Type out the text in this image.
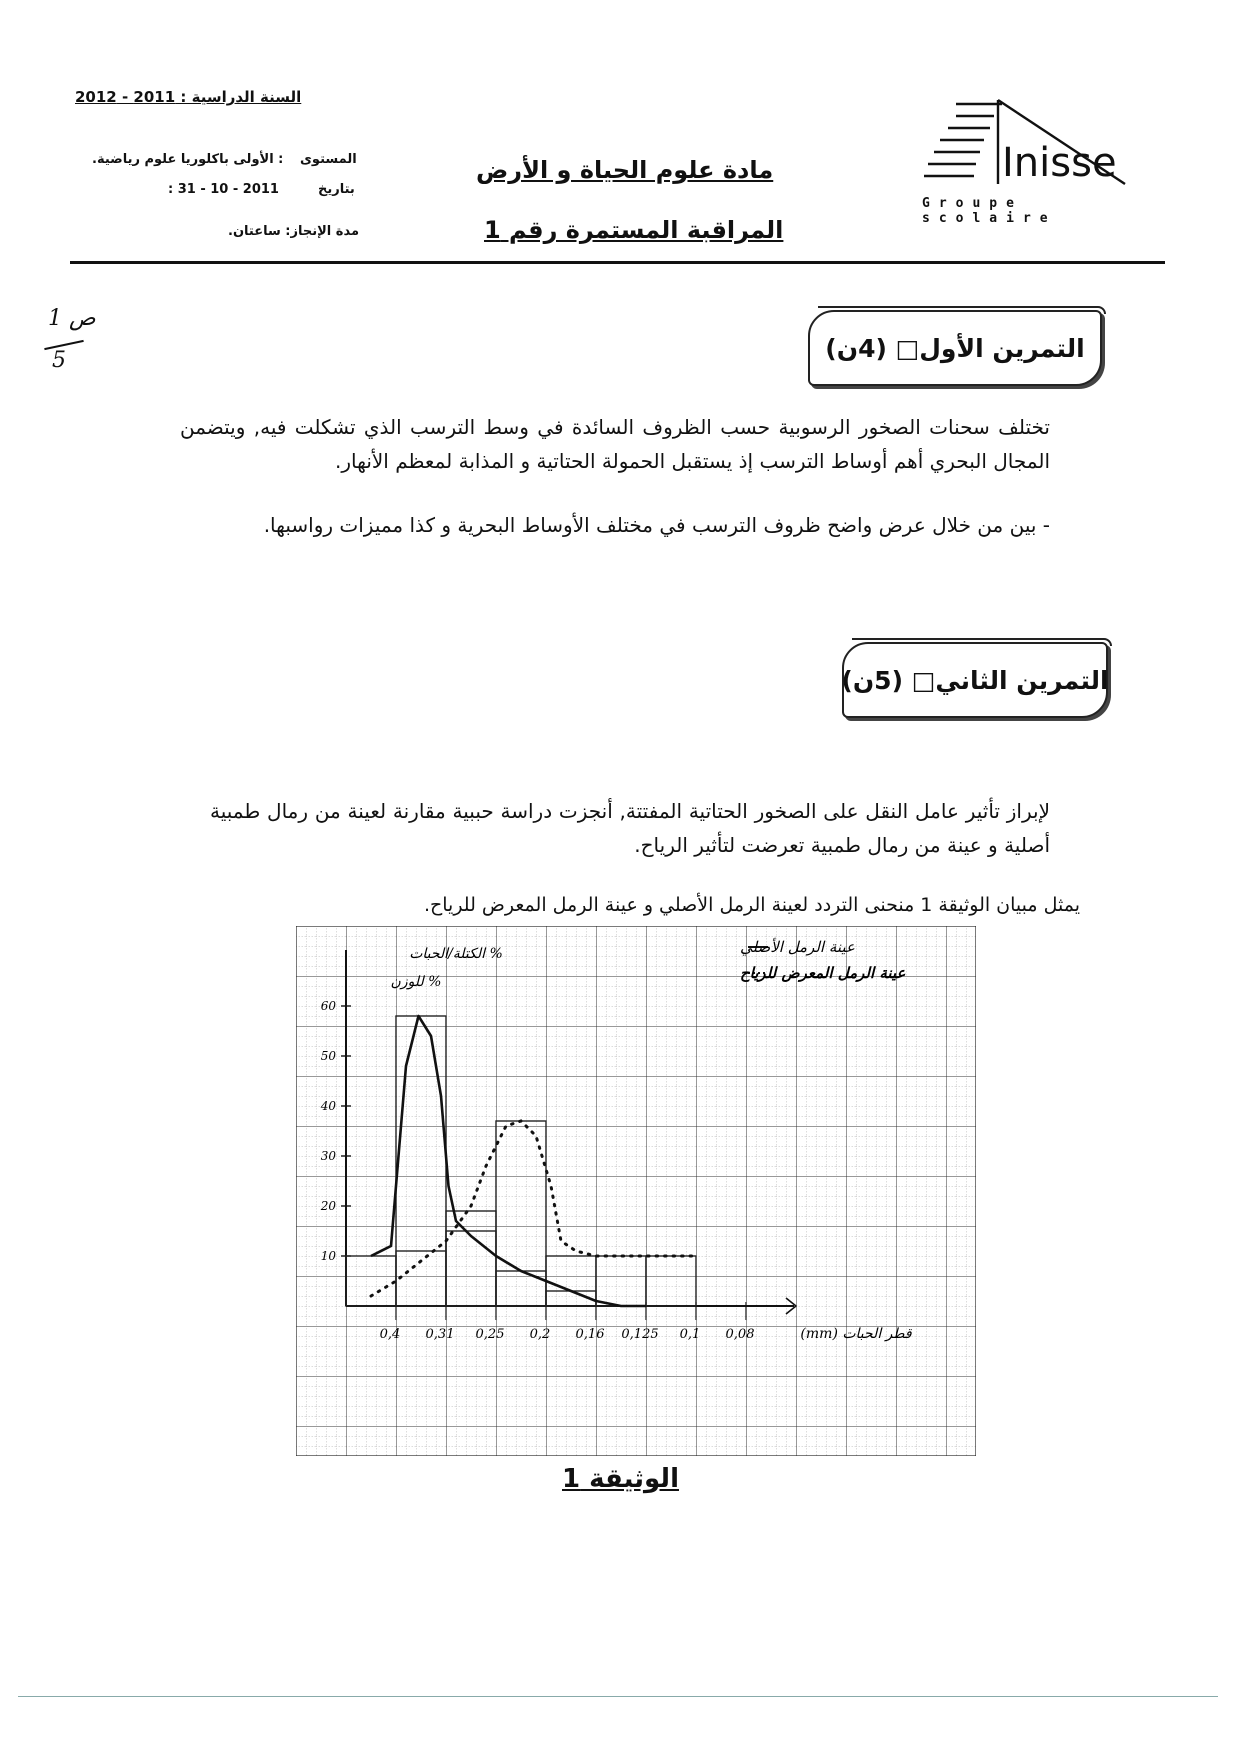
السنة الدراسية : 2011 - 2012
المستوى
: الأولى باكلوريا علوم رياضية.
بتاريخ
: 31 - 10 - 2011
مدة الإنجاز: ساعتان.
مادة علوم الحياة و الأرض
المراقبة المستمرة رقم 1
Inisse
Groupe scolaire
ص 1
5	التمرين الأول□ (4ن)
تختلف سحنات الصخور الرسوبية حسب الظروف السائدة في وسط الترسب الذي تشكلت فيه, ويتضمن المجال البحري أهم أوساط الترسب إذ يستقبل الحمولة الحتاتية و المذابة لمعظم الأنهار.
- بين من خلال عرض واضح ظروف الترسب في مختلف الأوساط البحرية و كذا مميزات رواسبها.
التمرين الثاني□ (5ن)
لإبراز تأثير عامل النقل على الصخور الحتاتية المفتتة, أنجزت دراسة حببية مقارنة لعينة من رمال طمبية أصلية و عينة من رمال طمبية تعرضت لتأثير الرياح.
يمثل مبيان الوثيقة 1 منحنى التردد لعينة الرمل الأصلي و عينة الرمل المعرض للرياح.
10
20
30
40
50
60
0,4 0,31 0,25 0,2 0,16 0,125 0,1 0,08	قطر الحبات (mm)
% للوزن
% الكتلة/الحبات	عينة الرمل الأصلي
عينة الرمل المعرض للرياح
الوثيقة 1
